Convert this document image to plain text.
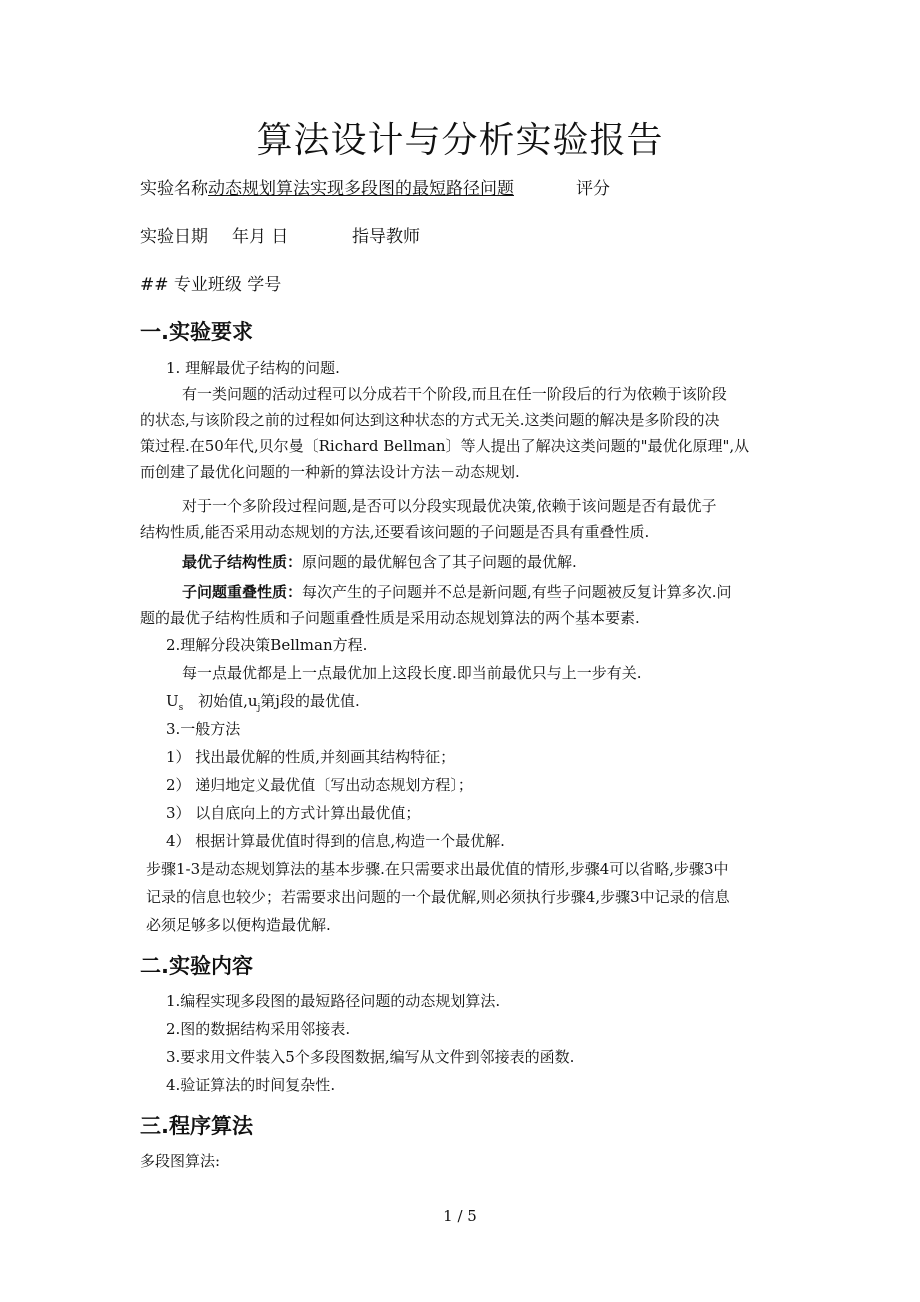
算法设计与分析实验报告
实验名称动态规划算法实现多段图的最短路径问题	评分
实验日期 年月 日	指导教师
## 专业班级 学号
一.实验要求
1. 理解最优子结构的问题.
有一类问题的活动过程可以分成若干个阶段,而且在任一阶段后的行为依赖于该阶段
的状态,与该阶段之前的过程如何达到这种状态的方式无关.这类问题的解决是多阶段的决
策过程.在50年代,贝尔曼〔Richard Bellman〕等人提出了解决这类问题的"最优化原理",从
而创建了最优化问题的一种新的算法设计方法－动态规划.
对于一个多阶段过程问题,是否可以分段实现最优决策,依赖于该问题是否有最优子
结构性质,能否采用动态规划的方法,还要看该问题的子问题是否具有重叠性质.
最优子结构性质：原问题的最优解包含了其子问题的最优解.
子问题重叠性质：每次产生的子问题并不总是新问题,有些子问题被反复计算多次.问
题的最优子结构性质和子问题重叠性质是采用动态规划算法的两个基本要素.
2.理解分段决策Bellman方程.
每一点最优都是上一点最优加上这段长度.即当前最优只与上一步有关.
$U_s$ 初始值$,u_j$第j段的最优值.
3.一般方法
1） 找出最优解的性质,并刻画其结构特征；
2） 递归地定义最优值〔写出动态规划方程〕；
3） 以自底向上的方式计算出最优值；
4） 根据计算最优值时得到的信息,构造一个最优解.
步骤1-3是动态规划算法的基本步骤.在只需要求出最优值的情形,步骤4可以省略,步骤3中
记录的信息也较少；若需要求出问题的一个最优解,则必须执行步骤4,步骤3中记录的信息
必须足够多以便构造最优解.
二.实验内容
1.编程实现多段图的最短路径问题的动态规划算法.
2.图的数据结构采用邻接表.
3.要求用文件装入5个多段图数据,编写从文件到邻接表的函数.
4.验证算法的时间复杂性.
三.程序算法
多段图算法:
1 / 5
